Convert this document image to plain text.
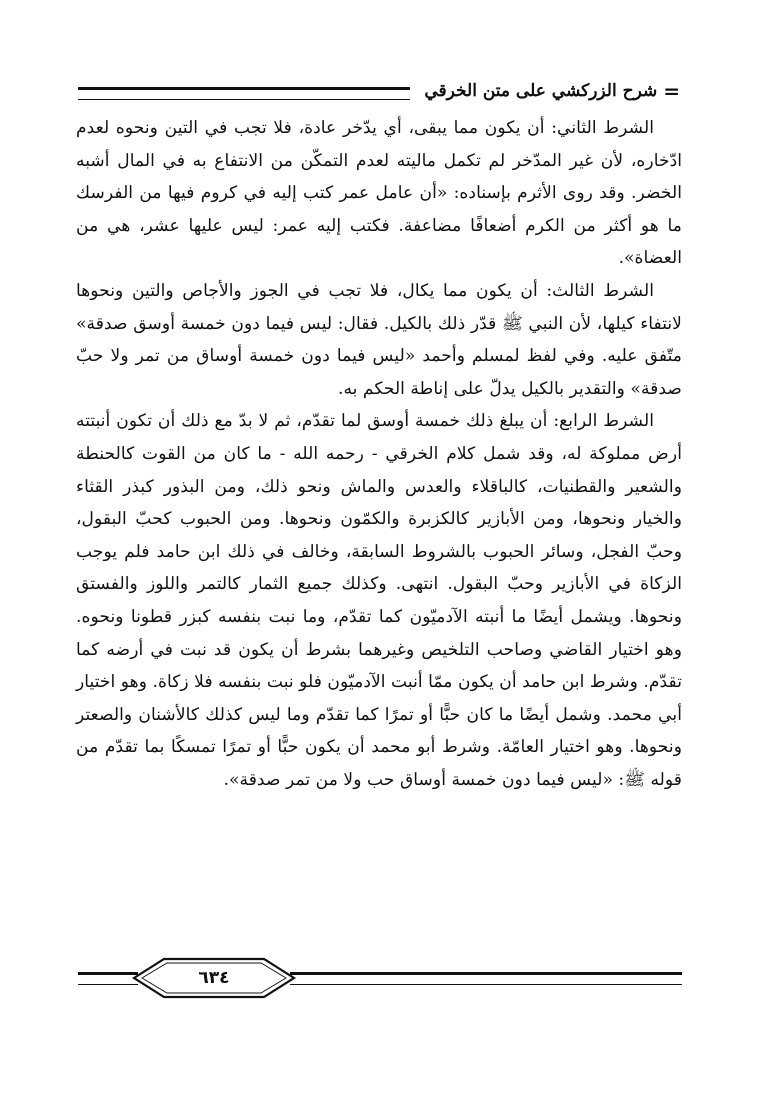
=
شرح الزركشي على متن الخرقي

الشرط الثاني: أن يكون مما يبقى، أي يدّخر عادة، فلا تجب في التين ونحوه لعدم ادّخاره، لأن غير المدّخر لم تكمل ماليته لعدم التمكّن من الانتفاع به في المال أشبه الخضر. وقد روى الأثرم بإسناده: «أن عامل عمر كتب إليه في كروم فيها من الفرسك ما هو أكثر من الكرم أضعافًا مضاعفة. فكتب إليه عمر: ليس عليها عشر، هي من العضاة».

الشرط الثالث: أن يكون مما يكال، فلا تجب في الجوز والأجاص والتين ونحوها لانتفاء كيلها، لأن النبي ﷺ قدّر ذلك بالكيل. فقال: ليس فيما دون خمسة أوسق صدقة» متّفق عليه. وفي لفظ لمسلم وأحمد «ليس فيما دون خمسة أوساق من تمر ولا حبّ صدقة» والتقدير بالكيل يدلّ على إناطة الحكم به.

الشرط الرابع: أن يبلغ ذلك خمسة أوسق لما تقدّم، ثم لا بدّ مع ذلك أن تكون أنبتته أرض مملوكة له، وقد شمل كلام الخرقي - رحمه الله - ما كان من القوت كالحنطة والشعير والقطنيات، كالباقلاء والعدس والماش ونحو ذلك، ومن البذور كبذر القثاء والخيار ونحوها، ومن الأبازير كالكزبرة والكمّون ونحوها. ومن الحبوب كحبّ البقول، وحبّ الفجل، وسائر الحبوب بالشروط السابقة، وخالف في ذلك ابن حامد فلم يوجب الزكاة في الأبازير وحبّ البقول. انتهى. وكذلك جميع الثمار كالتمر واللوز والفستق ونحوها. ويشمل أيضًا ما أنبته الآدميّون كما تقدّم، وما نبت بنفسه كبزر قطونا ونحوه. وهو اختيار القاضي وصاحب التلخيص وغيرهما بشرط أن يكون قد نبت في أرضه كما تقدّم. وشرط ابن حامد أن يكون ممّا أنبت الآدميّون فلو نبت بنفسه فلا زكاة. وهو اختيار أبي محمد. وشمل أيضًا ما كان حبًّا أو تمرًا كما تقدّم وما ليس كذلك كالأشنان والصعتر ونحوها. وهو اختيار العامّة. وشرط أبو محمد أن يكون حبًّا أو تمرًا تمسكًا بما تقدّم من قوله ﷺ: «ليس فيما دون خمسة أوساق حب ولا من تمر صدقة».

٦٣٤
